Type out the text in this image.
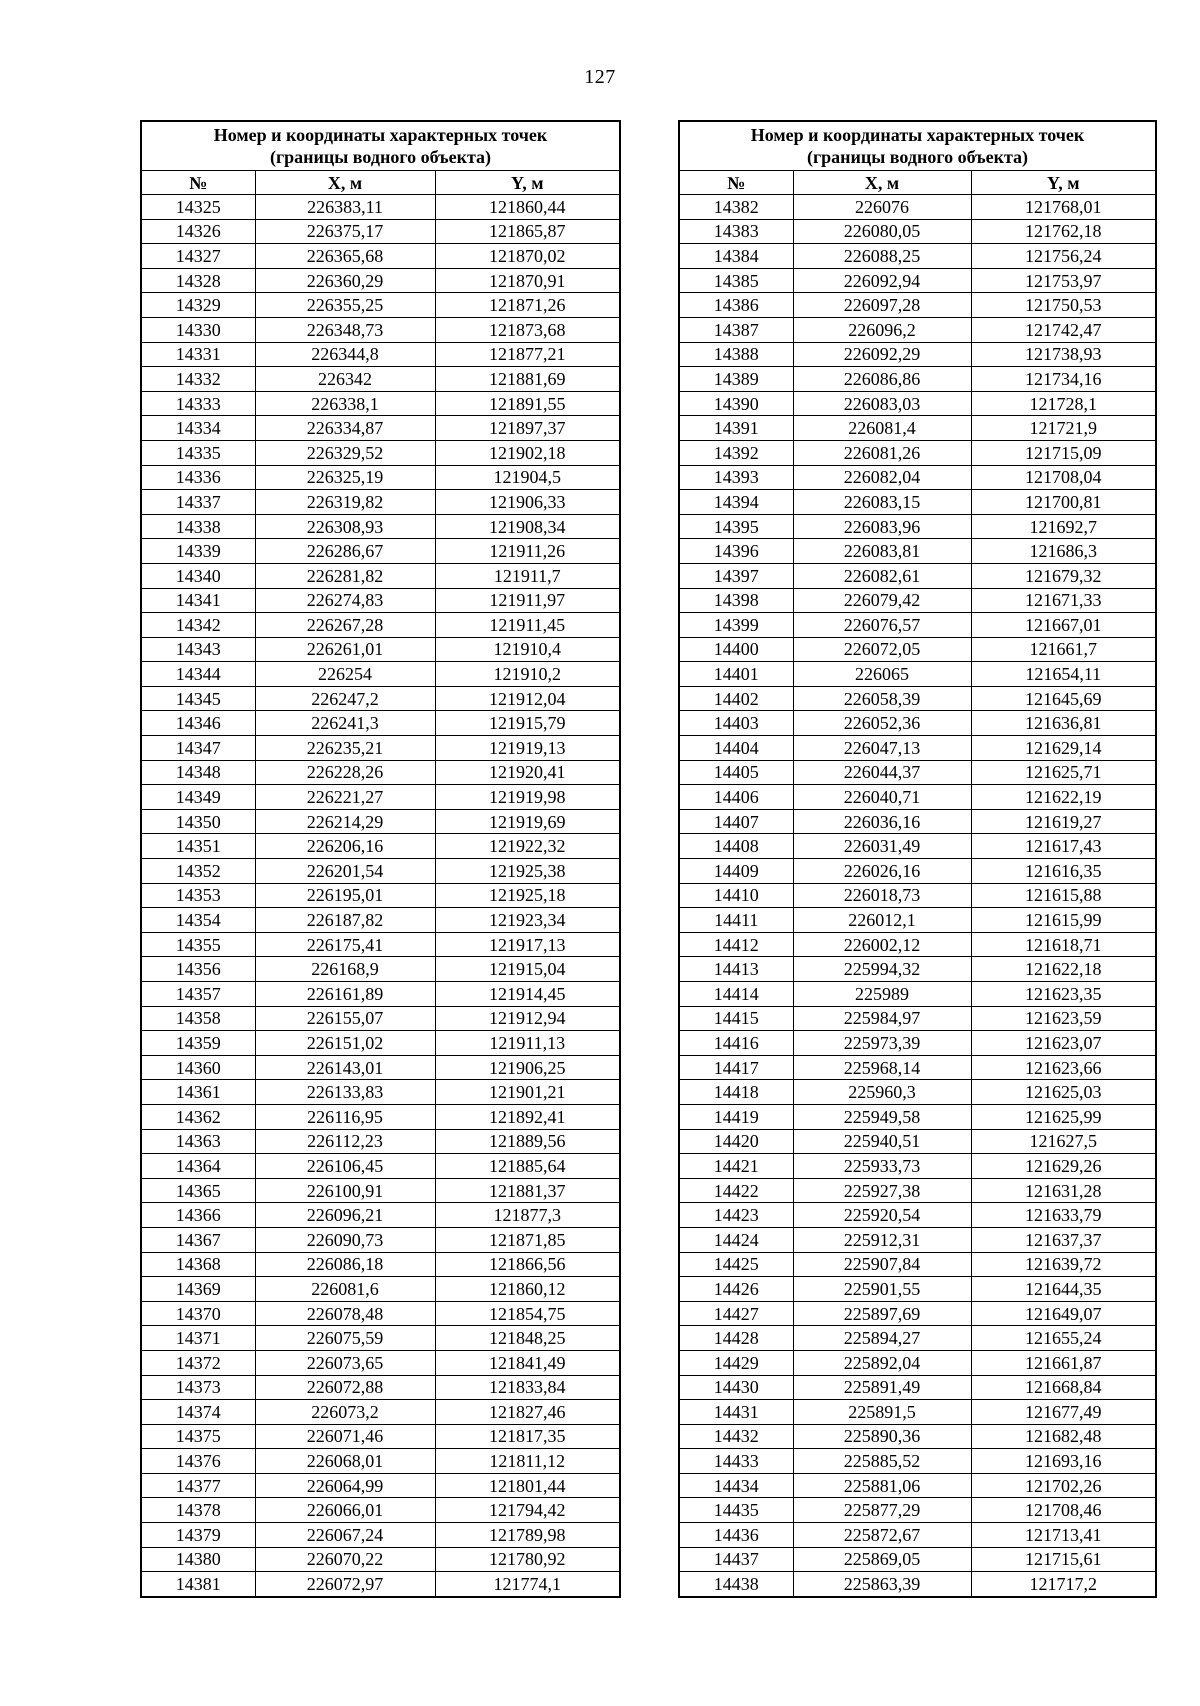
127
Номер и координаты характерных точек
(границы водного объекта)		
№	X, м	Y, м
14325	226383,11	121860,44
14326	226375,17	121865,87
14327	226365,68	121870,02
14328	226360,29	121870,91
14329	226355,25	121871,26
14330	226348,73	121873,68
14331	226344,8	121877,21
14332	226342	121881,69
14333	226338,1	121891,55
14334	226334,87	121897,37
14335	226329,52	121902,18
14336	226325,19	121904,5
14337	226319,82	121906,33
14338	226308,93	121908,34
14339	226286,67	121911,26
14340	226281,82	121911,7
14341	226274,83	121911,97
14342	226267,28	121911,45
14343	226261,01	121910,4
14344	226254	121910,2
14345	226247,2	121912,04
14346	226241,3	121915,79
14347	226235,21	121919,13
14348	226228,26	121920,41
14349	226221,27	121919,98
14350	226214,29	121919,69
14351	226206,16	121922,32
14352	226201,54	121925,38
14353	226195,01	121925,18
14354	226187,82	121923,34
14355	226175,41	121917,13
14356	226168,9	121915,04
14357	226161,89	121914,45
14358	226155,07	121912,94
14359	226151,02	121911,13
14360	226143,01	121906,25
14361	226133,83	121901,21
14362	226116,95	121892,41
14363	226112,23	121889,56
14364	226106,45	121885,64
14365	226100,91	121881,37
14366	226096,21	121877,3
14367	226090,73	121871,85
14368	226086,18	121866,56
14369	226081,6	121860,12
14370	226078,48	121854,75
14371	226075,59	121848,25
14372	226073,65	121841,49
14373	226072,88	121833,84
14374	226073,2	121827,46
14375	226071,46	121817,35
14376	226068,01	121811,12
14377	226064,99	121801,44
14378	226066,01	121794,42
14379	226067,24	121789,98
14380	226070,22	121780,92
14381	226072,97	121774,1
Номер и координаты характерных точек
(границы водного объекта)		
№	X, м	Y, м
14382	226076	121768,01
14383	226080,05	121762,18
14384	226088,25	121756,24
14385	226092,94	121753,97
14386	226097,28	121750,53
14387	226096,2	121742,47
14388	226092,29	121738,93
14389	226086,86	121734,16
14390	226083,03	121728,1
14391	226081,4	121721,9
14392	226081,26	121715,09
14393	226082,04	121708,04
14394	226083,15	121700,81
14395	226083,96	121692,7
14396	226083,81	121686,3
14397	226082,61	121679,32
14398	226079,42	121671,33
14399	226076,57	121667,01
14400	226072,05	121661,7
14401	226065	121654,11
14402	226058,39	121645,69
14403	226052,36	121636,81
14404	226047,13	121629,14
14405	226044,37	121625,71
14406	226040,71	121622,19
14407	226036,16	121619,27
14408	226031,49	121617,43
14409	226026,16	121616,35
14410	226018,73	121615,88
14411	226012,1	121615,99
14412	226002,12	121618,71
14413	225994,32	121622,18
14414	225989	121623,35
14415	225984,97	121623,59
14416	225973,39	121623,07
14417	225968,14	121623,66
14418	225960,3	121625,03
14419	225949,58	121625,99
14420	225940,51	121627,5
14421	225933,73	121629,26
14422	225927,38	121631,28
14423	225920,54	121633,79
14424	225912,31	121637,37
14425	225907,84	121639,72
14426	225901,55	121644,35
14427	225897,69	121649,07
14428	225894,27	121655,24
14429	225892,04	121661,87
14430	225891,49	121668,84
14431	225891,5	121677,49
14432	225890,36	121682,48
14433	225885,52	121693,16
14434	225881,06	121702,26
14435	225877,29	121708,46
14436	225872,67	121713,41
14437	225869,05	121715,61
14438	225863,39	121717,2
